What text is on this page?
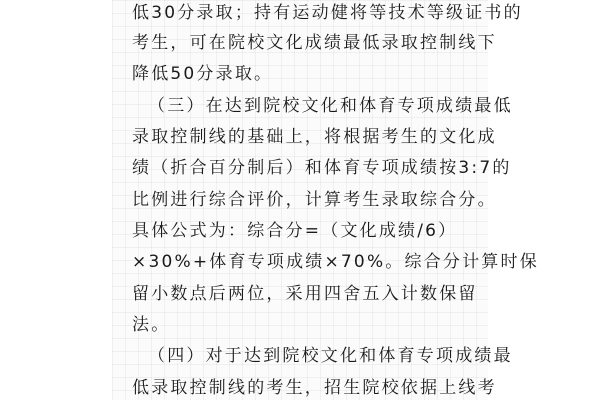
低30分录取；持有运动健将等技术等级证书的

考生，可在院校文化成绩最低录取控制线下

降低50分录取。

（三）在达到院校文化和体育专项成绩最低

录取控制线的基础上，将根据考生的文化成

绩（折合百分制后）和体育专项成绩按3:7的

比例进行综合评价，计算考生录取综合分。

具体公式为：综合分=（文化成绩/6）

×30%+体育专项成绩×70%。综合分计算时保

留小数点后两位，采用四舍五入计数保留

法。

（四）对于达到院校文化和体育专项成绩最

低录取控制线的考生，招生院校依据上线考
